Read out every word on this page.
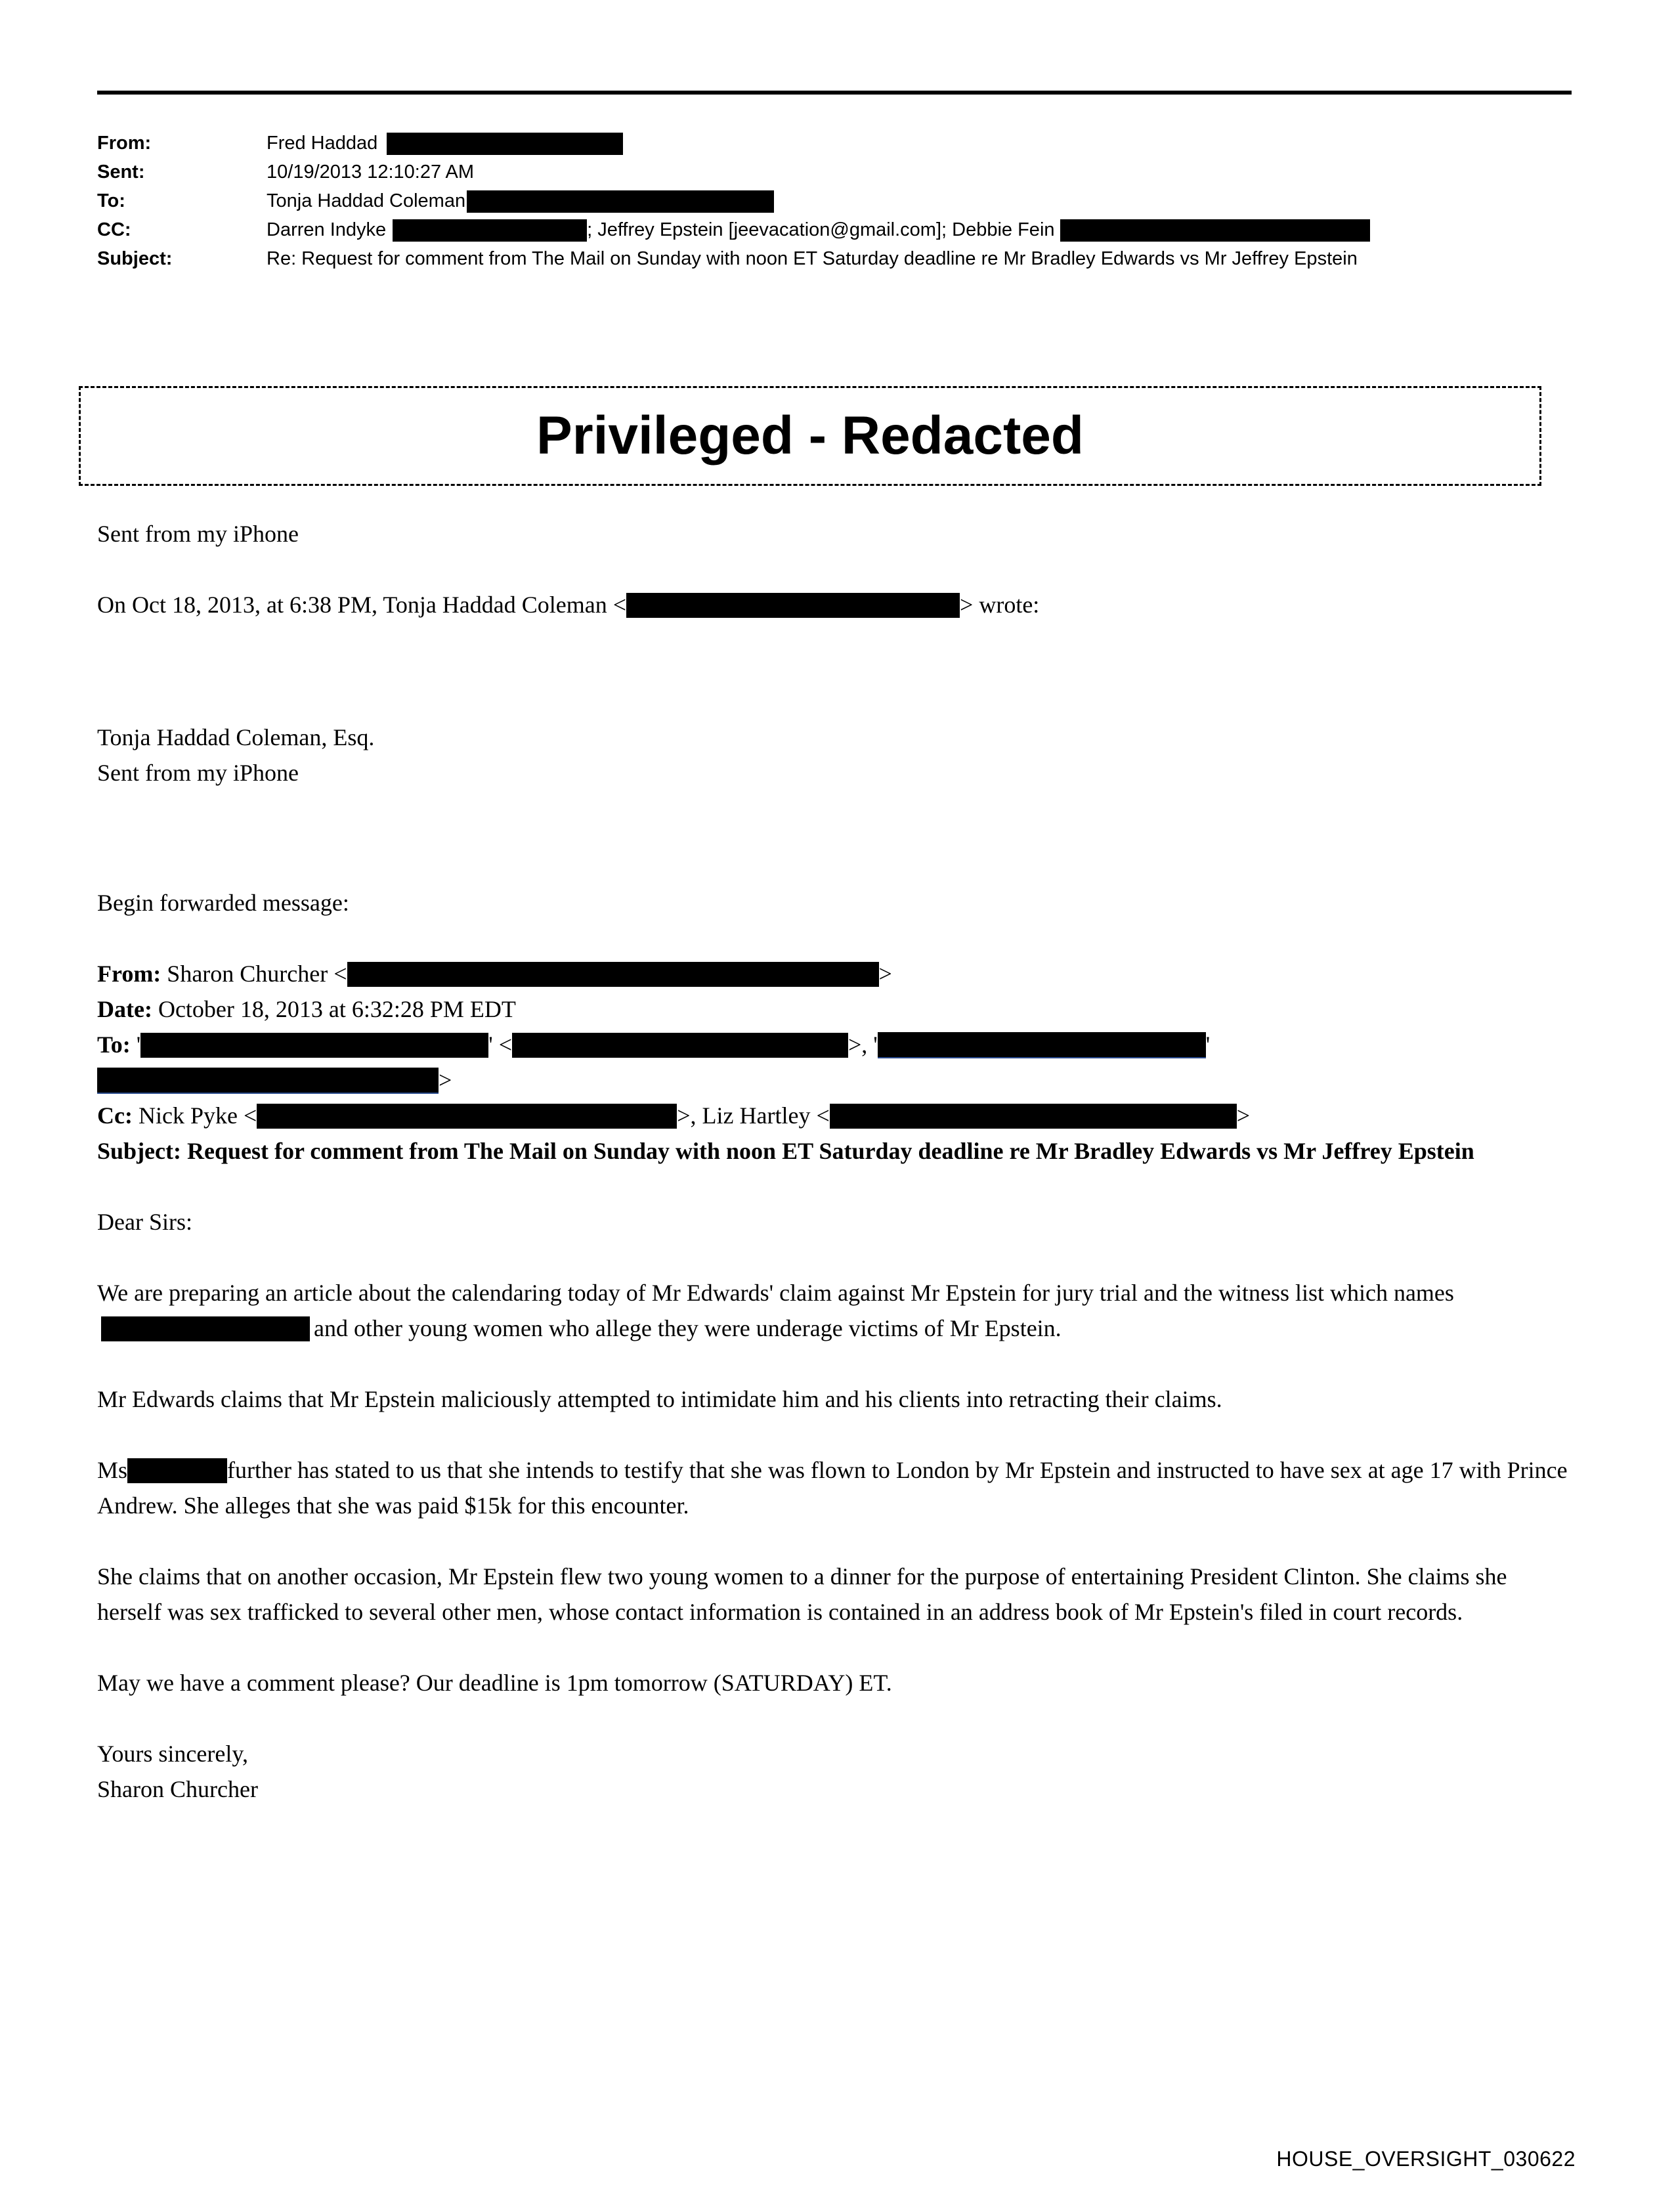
From:	Fred Haddad
Sent:	10/19/2013 12:10:27 AM
To:	Tonja Haddad Coleman
CC:	Darren Indyke	; Jeffrey Epstein [jeevacation@gmail.com]; Debbie Fein
Subject:	Re: Request for comment from The Mail on Sunday with noon ET Saturday deadline re Mr Bradley Edwards vs Mr Jeffrey Epstein
Privileged - Redacted
Sent from my iPhone
On Oct 18, 2013, at 6:38 PM, Tonja Haddad Coleman <	> wrote:
Tonja Haddad Coleman, Esq.
Sent from my iPhone
Begin forwarded message:
From: Sharon Churcher <	>
Date: October 18, 2013 at 6:32:28 PM EDT
To: '	' <	>, '	'
>
Cc: Nick Pyke <	>, Liz Hartley <	>
Subject: Request for comment from The Mail on Sunday with noon ET Saturday deadline re Mr Bradley Edwards vs Mr Jeffrey Epstein
Dear Sirs:
We are preparing an article about the calendaring today of Mr Edwards' claim against Mr Epstein for jury trial and the witness list which namesand other young women who allege they were underage victims of Mr Epstein.
Mr Edwards claims that Mr Epstein maliciously attempted to intimidate him and his clients into retracting their claims.
Ms	further has stated to us that she intends to testify that she was flown to London by Mr Epstein and instructed to have sex at age 17 with Prince Andrew. She alleges that she was paid $15k for this encounter.
She claims that on another occasion, Mr Epstein flew two young women to a dinner for the purpose of entertaining President Clinton. She claims she herself was sex trafficked to several other men, whose contact information is contained in an address book of Mr Epstein's filed in court records.
May we have a comment please? Our deadline is 1pm tomorrow (SATURDAY) ET.
Yours sincerely,
Sharon Churcher
HOUSE_OVERSIGHT_030622
